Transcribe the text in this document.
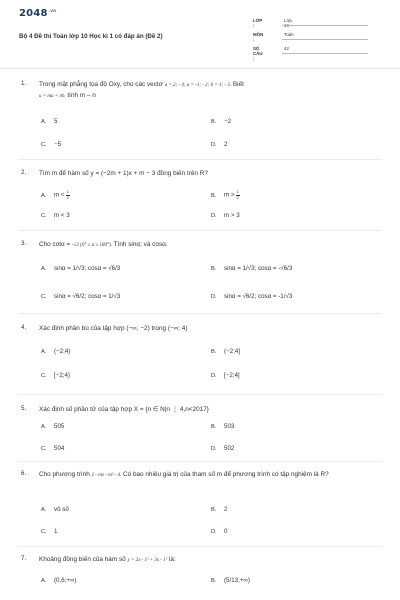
$2048^{.vn}$
Bộ 4 Đề thi Toán lớp 10 Học kì 1 có đáp án (Đề 2)
LỚP :
Lớp 10
MÔN :
Toán
SỐ CÂU :
42
1. Trong mặt phẳng tọa độ Oxy, cho các vectơ a = 2; - 4; u = -1; - 2; b = 1; - 3. Biết
u = ma + nb, tính m – n
A. 5	B. −2
C. −5	D. 2
2. Tìm m để hàm số y = (−2m + 1)x + m − 3 đồng biến trên R?
A. $m < \frac{1}{2}$	B. $m > \frac{1}{2}$
C. m < 3	D. m > 3
3. Cho cotα = -√2 (0° ≤ α ≤ 180°). Tính sinα; và cosα.
A. sinα = 1/√3; cosα = √6/3	B. sinα = 1/√3; cosα = -√6/3
C. sinα = √6/2; cosα = 1/√3	D. sinα = √6/2; cosα = -1/√3
4. Xác định phần bù của tập hợp (−∞; −2) trong (−∞; 4)
A. (−2;4)	B. (−2;4]
C. [−2;4)	D. [−2;4]
5. Xác định số phần tử của tập hợp X = {n ∈ N|n ⋮ 4,n<2017}
A. 505	B. 503
C. 504	D. 502
6. Cho phương trình 2 - mx - m² - 4. Có bao nhiêu giá trị của tham số m để phương trình có tập nghiệm là R?
A. vô số	B. 2
C. 1	D. 0
7. Khoảng đồng biến của hàm số y = 2x - 1² + 3x - 1² là:
A. (0,6;+∞)	B. (5/13;+∞)
